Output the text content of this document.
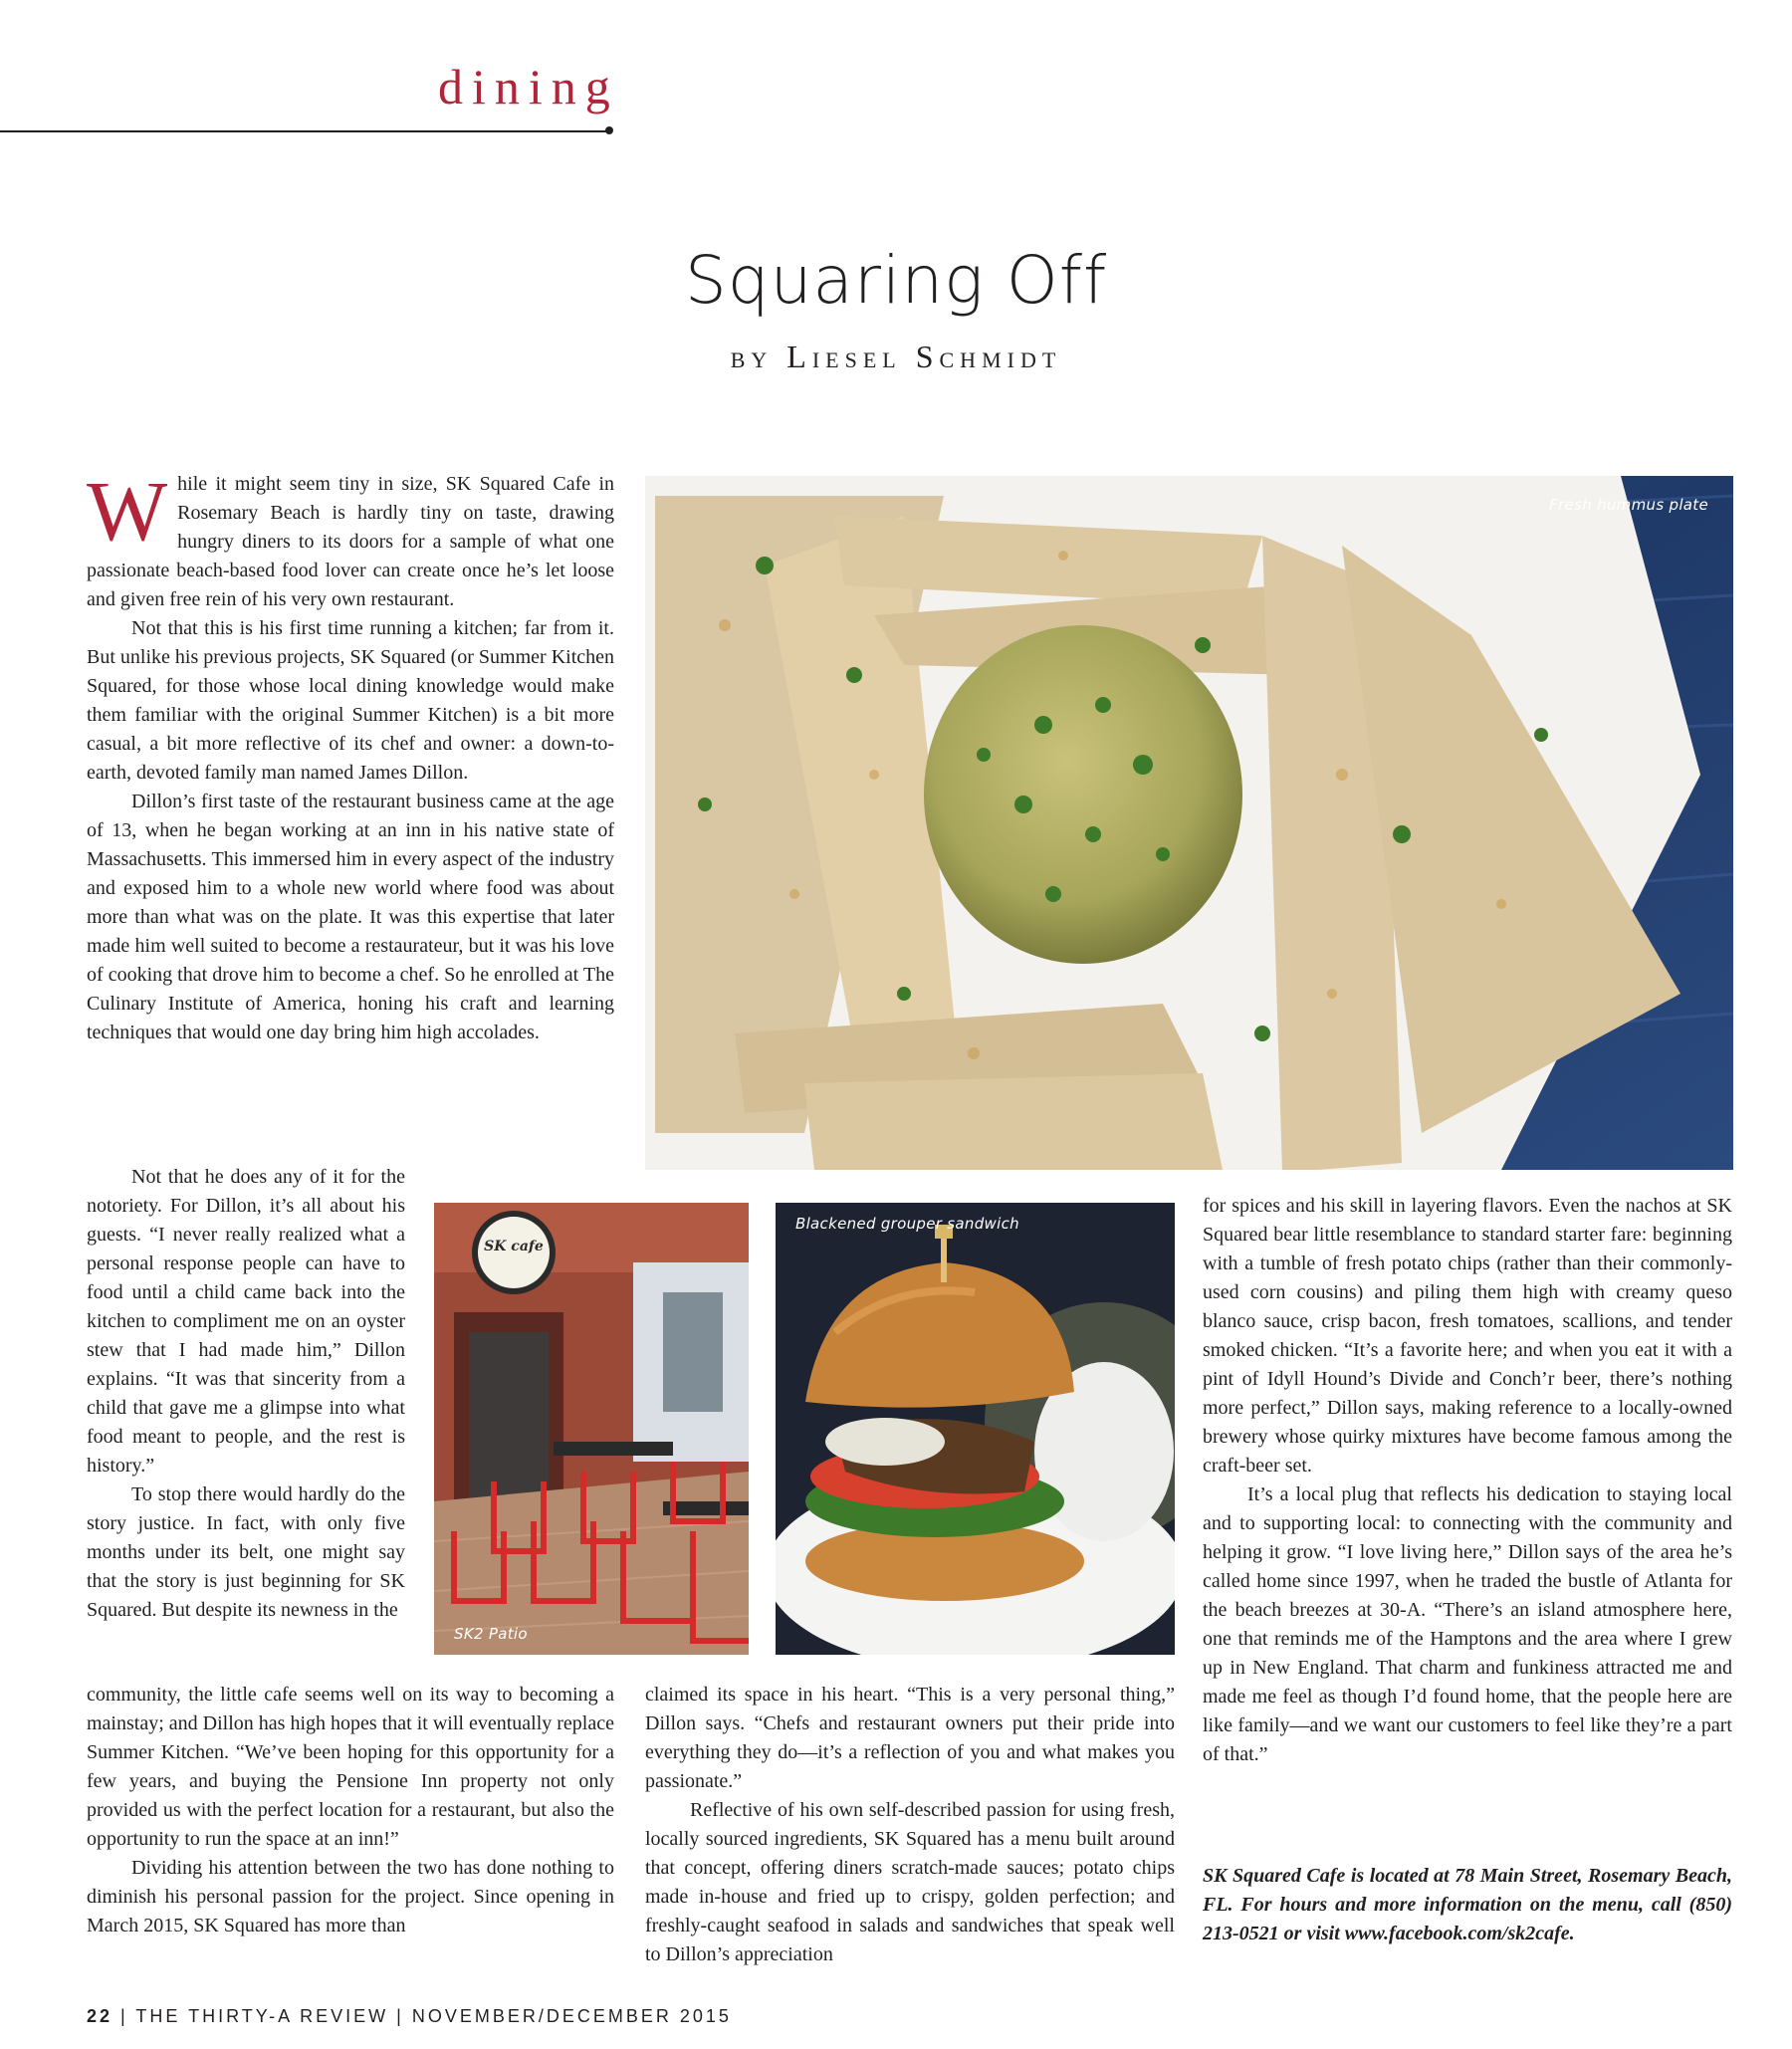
dining
Squaring Off
by Liesel Schmidt

While it might seem tiny in size, SK Squared Cafe in Rosemary Beach is hardly tiny on taste, drawing hungry diners to its doors for a sample of what one passionate beach-based food lover can create once he’s let loose and given free rein of his very own restaurant.

Not that this is his first time running a kitchen; far from it. But unlike his previous projects, SK Squared (or Summer Kitchen Squared, for those whose local dining knowledge would make them familiar with the original Summer Kitchen) is a bit more casual, a bit more reflective of its chef and owner: a down-to-earth, devoted family man named James Dillon.

Dillon’s first taste of the restaurant business came at the age of 13, when he began working at an inn in his native state of Massachusetts. This immersed him in every aspect of the industry and exposed him to a whole new world where food was about more than what was on the plate. It was this expertise that later made him well suited to become a restaurateur, but it was his love of cooking that drove him to become a chef. So he enrolled at The Culinary Institute of America, honing his craft and learning techniques that would one day bring him high accolades.

Not that he does any of it for the notoriety. For Dillon, it’s all about his guests. “I never really realized what a personal response people can have to food until a child came back into the kitchen to compliment me on an oyster stew that I had made him,” Dillon explains. “It was that sincerity from a child that gave me a glimpse into what food meant to people, and the rest is history.”

To stop there would hardly do the story justice. In fact, with only five months under its belt, one might say that the story is just beginning for SK Squared. But despite its newness in the

community, the little cafe seems well on its way to becoming a mainstay; and Dillon has high hopes that it will eventually replace Summer Kitchen. “We’ve been hoping for this opportunity for a few years, and buying the Pensione Inn property not only provided us with the perfect location for a restaurant, but also the opportunity to run the space at an inn!”

Dividing his attention between the two has done nothing to diminish his personal passion for the project. Since opening in March 2015, SK Squared has more than

claimed its space in his heart. “This is a very personal thing,” Dillon says. “Chefs and restaurant owners put their pride into everything they do—it’s a reflection of you and what makes you passionate.”

Reflective of his own self-described passion for using fresh, locally sourced ingredients, SK Squared has a menu built around that concept, offering diners scratch-made sauces; potato chips made in-house and fried up to crispy, golden perfection; and freshly-caught seafood in salads and sandwiches that speak well to Dillon’s appreciation

for spices and his skill in layering flavors. Even the nachos at SK Squared bear little resemblance to standard starter fare: beginning with a tumble of fresh potato chips (rather than their commonly-used corn cousins) and piling them high with creamy queso blanco sauce, crisp bacon, fresh tomatoes, scallions, and tender smoked chicken. “It’s a favorite here; and when you eat it with a pint of Idyll Hound’s Divide and Conch’r beer, there’s nothing more perfect,” Dillon says, making reference to a locally-owned brewery whose quirky mixtures have become famous among the craft-beer set.

It’s a local plug that reflects his dedication to staying local and to supporting local: to connecting with the community and helping it grow. “I love living here,” Dillon says of the area he’s called home since 1997, when he traded the bustle of Atlanta for the beach breezes at 30-A. “There’s an island atmosphere here, one that reminds me of the Hamptons and the area where I grew up in New England. That charm and funkiness attracted me and made me feel as though I’d found home, that the people here are like family—and we want our customers to feel like they’re a part of that.”

SK Squared Cafe is located at 78 Main Street, Rosemary Beach, FL. For hours and more information on the menu, call (850) 213-0521 or visit www.facebook.com/sk2cafe.
Fresh hummus plate
SK cafe
SK2 Patio
Blackened grouper sandwich
22 | THE THIRTY-A REVIEW | NOVEMBER/DECEMBER 2015
